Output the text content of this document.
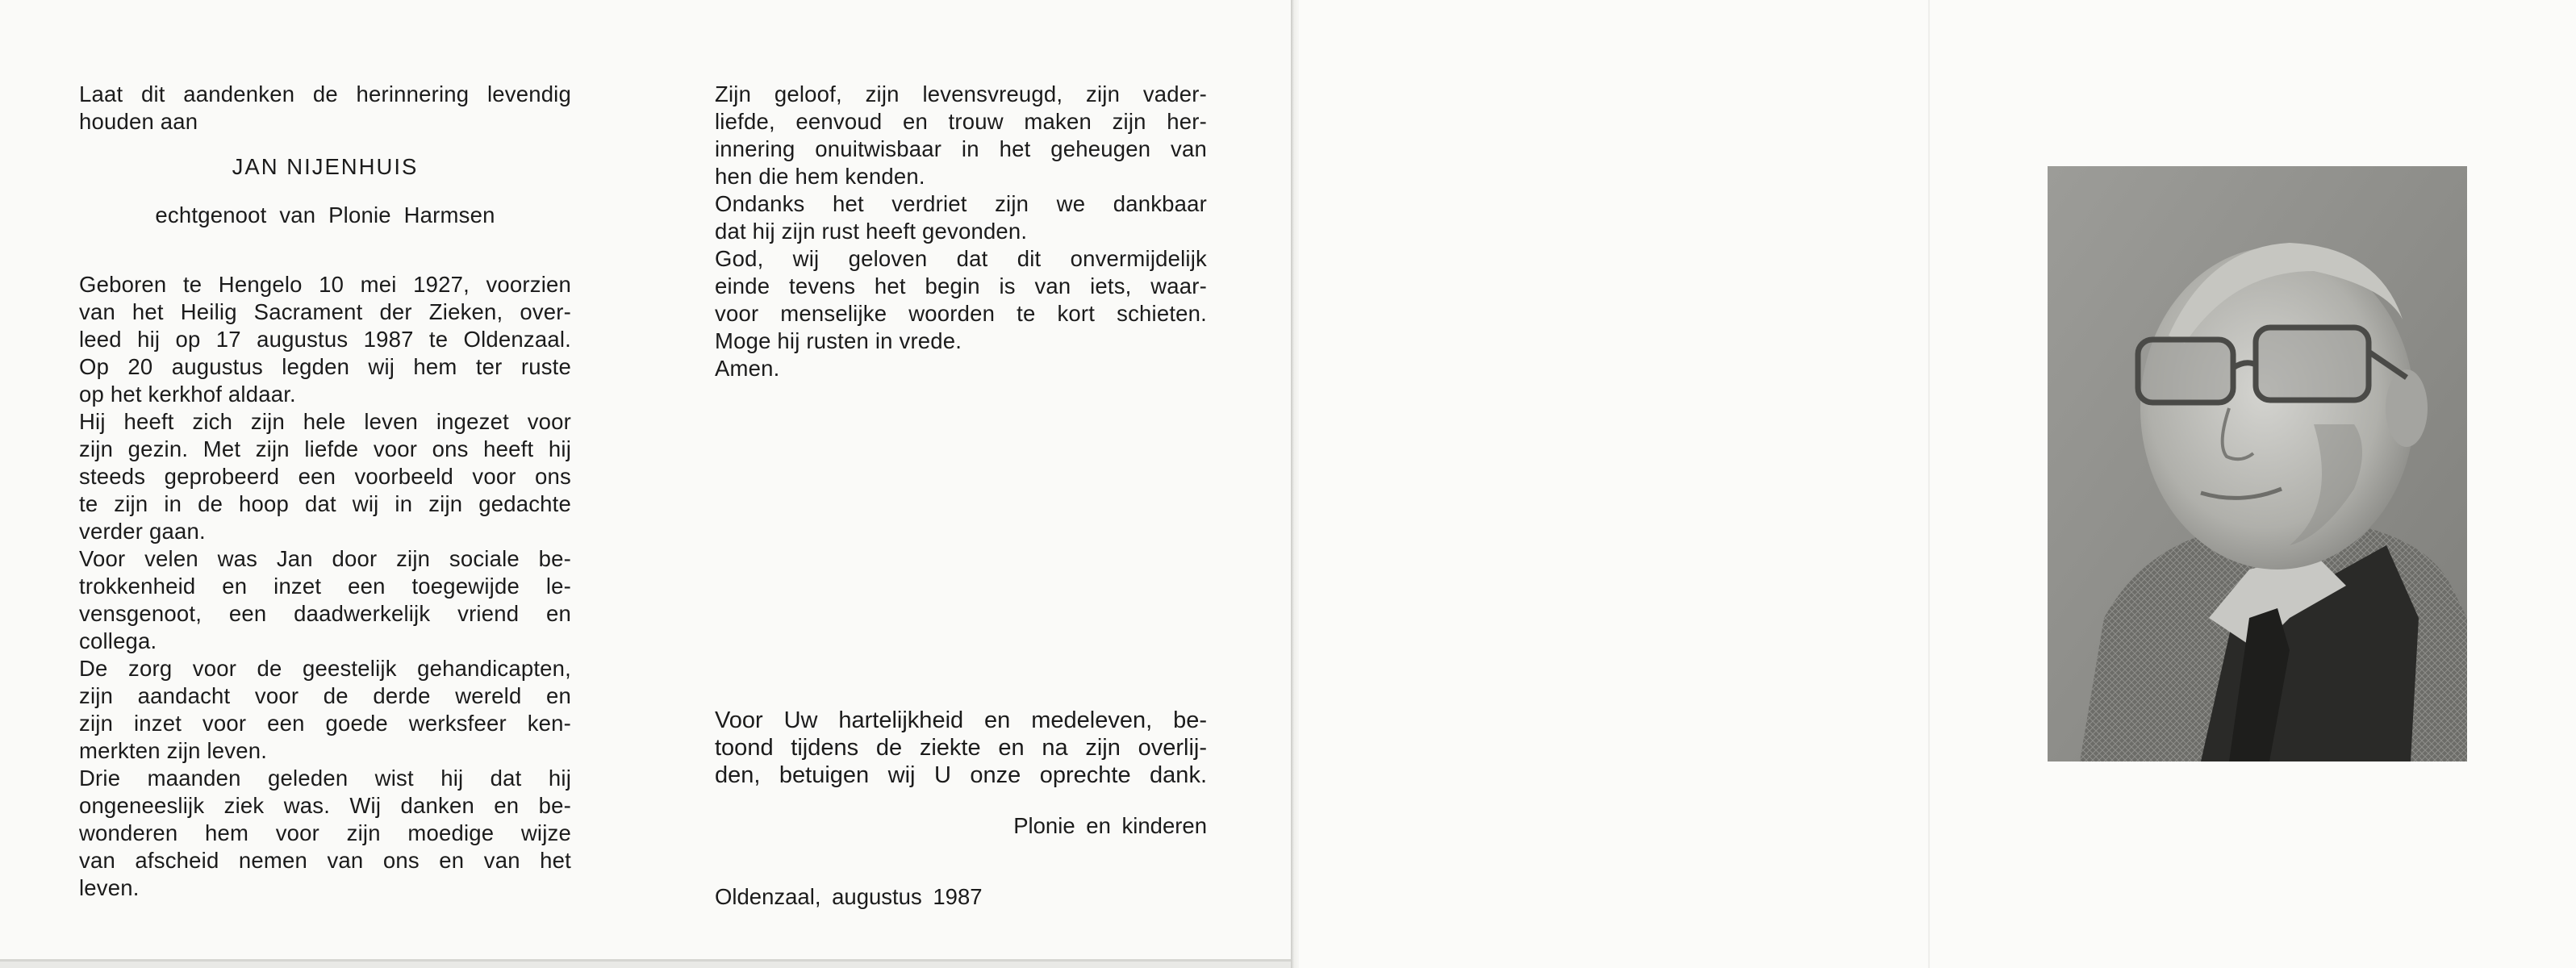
Laat dit aandenken de herinnering levendig
houden aan
JAN NIJENHUIS
echtgenoot van Plonie Harmsen
Geboren te Hengelo 10 mei 1927, voorzien
van het Heilig Sacrament der Zieken, over-
leed hij op 17 augustus 1987 te Oldenzaal.
Op 20 augustus legden wij hem ter ruste
op het kerkhof aldaar.
Hij heeft zich zijn hele leven ingezet voor
zijn gezin. Met zijn liefde voor ons heeft hij
steeds geprobeerd een voorbeeld voor ons
te zijn in de hoop dat wij in zijn gedachte
verder gaan.
Voor velen was Jan door zijn sociale be-
trokkenheid en inzet een toegewijde le-
vensgenoot, een daadwerkelijk vriend en
collega.
De zorg voor de geestelijk gehandicapten,
zijn aandacht voor de derde wereld en
zijn inzet voor een goede werksfeer ken-
merkten zijn leven.
Drie maanden geleden wist hij dat hij
ongeneeslijk ziek was. Wij danken en be-
wonderen hem voor zijn moedige wijze
van afscheid nemen van ons en van het
leven.
Zijn geloof, zijn levensvreugd, zijn vader-
liefde, eenvoud en trouw maken zijn her-
innering onuitwisbaar in het geheugen van
hen die hem kenden.
Ondanks het verdriet zijn we dankbaar
dat hij zijn rust heeft gevonden.
God, wij geloven dat dit onvermijdelijk
einde tevens het begin is van iets, waar-
voor menselijke woorden te kort schieten.
Moge hij rusten in vrede.
Amen.
Voor Uw hartelijkheid en medeleven, be-
toond tijdens de ziekte en na zijn overlij-
den, betuigen wij U onze oprechte dank.
Plonie en kinderen
Oldenzaal, augustus 1987
